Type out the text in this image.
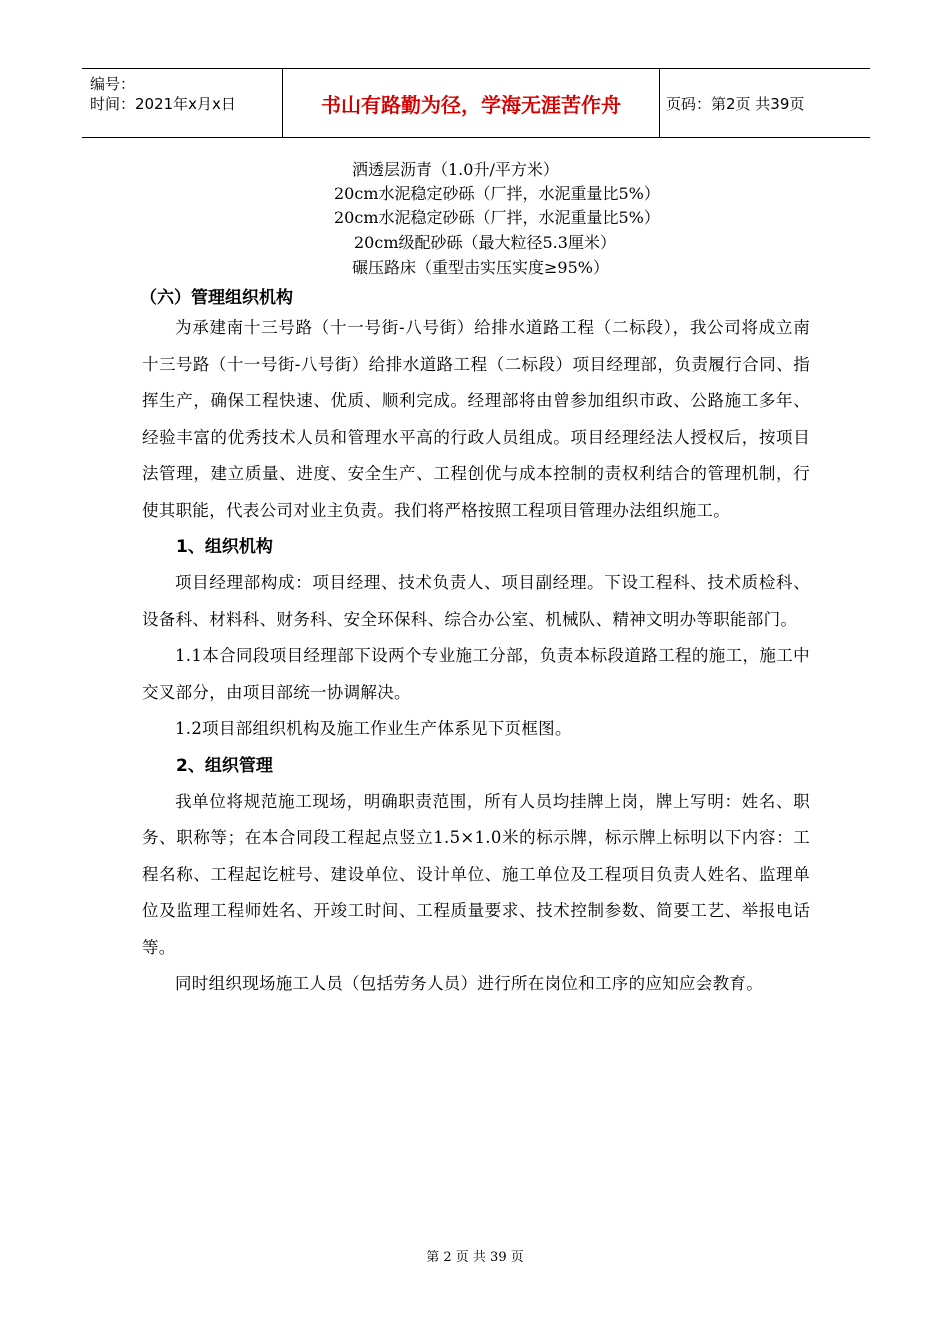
编号：
时间：2021年x月x日	书山有路勤为径，学海无涯苦作舟	页码：第2页 共39页
洒透层沥青（1.0升/平方米）
20cm水泥稳定砂砾（厂拌，水泥重量比5%）
20cm水泥稳定砂砾（厂拌，水泥重量比5%）
20cm级配砂砾（最大粒径5.3厘米）
碾压路床（重型击实压实度≥95%）
（六）管理组织机构

为承建南十三号路（十一号街-八号街）给排水道路工程（二标段），我公司将成立南十三号路（十一号街-八号街）给排水道路工程（二标段）项目经理部，负责履行合同、指挥生产，确保工程快速、优质、顺利完成。经理部将由曾参加组织市政、公路施工多年、经验丰富的优秀技术人员和管理水平高的行政人员组成。项目经理经法人授权后，按项目法管理，建立质量、进度、安全生产、工程创优与成本控制的责权利结合的管理机制，行使其职能，代表公司对业主负责。我们将严格按照工程项目管理办法组织施工。

1、组织机构

项目经理部构成：项目经理、技术负责人、项目副经理。下设工程科、技术质检科、设备科、材料科、财务科、安全环保科、综合办公室、机械队、精神文明办等职能部门。

1.1本合同段项目经理部下设两个专业施工分部，负责本标段道路工程的施工，施工中交叉部分，由项目部统一协调解决。

1.2项目部组织机构及施工作业生产体系见下页框图。

2、组织管理

我单位将规范施工现场，明确职责范围，所有人员均挂牌上岗，牌上写明：姓名、职务、职称等；在本合同段工程起点竖立1.5×1.0米的标示牌，标示牌上标明以下内容：工程名称、工程起讫桩号、建设单位、设计单位、施工单位及工程项目负责人姓名、监理单位及监理工程师姓名、开竣工时间、工程质量要求、技术控制参数、简要工艺、举报电话等。

同时组织现场施工人员（包括劳务人员）进行所在岗位和工序的应知应会教育。

第 2 页 共 39 页
